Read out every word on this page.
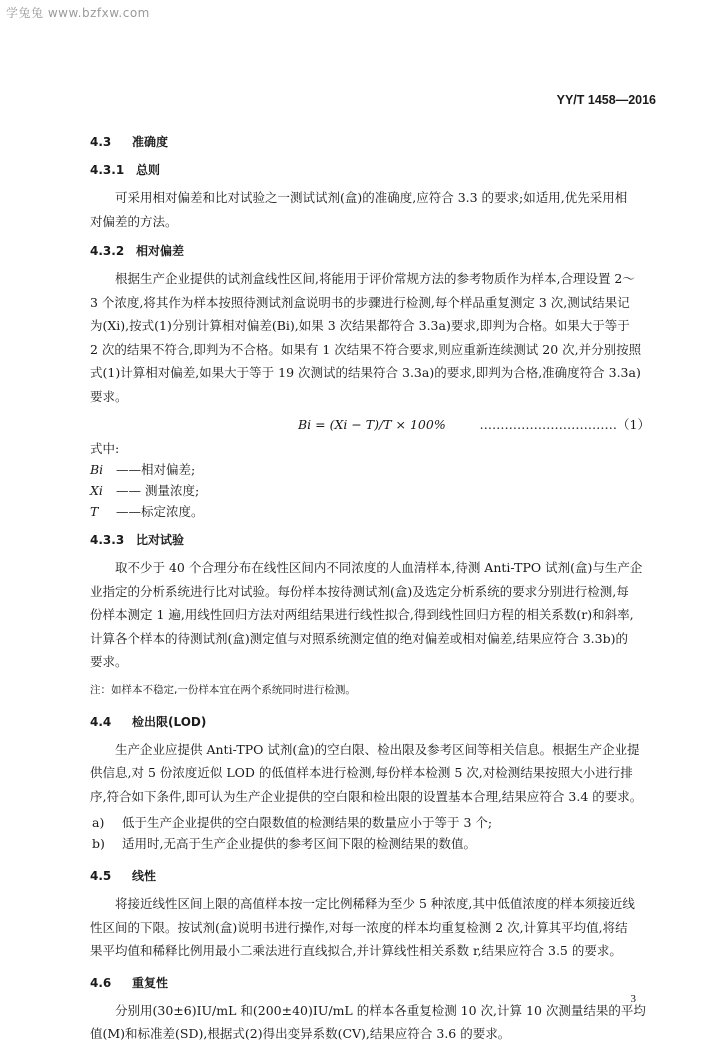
学兔兔 www.bzfxw.com
YY/T 1458—2016
4.3 准确度
4.3.1 总则
可采用相对偏差和比对试验之一测试试剂(盒)的准确度,应符合 3.3 的要求;如适用,优先采用相
对偏差的方法。
4.3.2 相对偏差
根据生产企业提供的试剂盒线性区间,将能用于评价常规方法的参考物质作为样本,合理设置 2～
3 个浓度,将其作为样本按照待测试剂盒说明书的步骤进行检测,每个样品重复测定 3 次,测试结果记
为(Xi),按式(1)分别计算相对偏差(Bi),如果 3 次结果都符合 3.3a)要求,即判为合格。如果大于等于
2 次的结果不符合,即判为不合格。如果有 1 次结果不符合要求,则应重新连续测试 20 次,并分别按照
式(1)计算相对偏差,如果大于等于 19 次测试的结果符合 3.3a)的要求,即判为合格,准确度符合 3.3a)
要求。
Bi = (Xi − T)/T × 100%	……………………………（1）
式中:
Bi ——相对偏差;
Xi —— 测量浓度;
T ——标定浓度。
4.3.3 比对试验
取不少于 40 个合理分布在线性区间内不同浓度的人血清样本,待测 Anti-TPO 试剂(盒)与生产企
业指定的分析系统进行比对试验。每份样本按待测试剂(盒)及选定分析系统的要求分别进行检测,每
份样本测定 1 遍,用线性回归方法对两组结果进行线性拟合,得到线性回归方程的相关系数(r)和斜率,
计算各个样本的待测试剂(盒)测定值与对照系统测定值的绝对偏差或相对偏差,结果应符合 3.3b)的
要求。
注：如样本不稳定,一份样本宜在两个系统同时进行检测。
4.4 检出限(LOD)
生产企业应提供 Anti-TPO 试剂(盒)的空白限、检出限及参考区间等相关信息。根据生产企业提
供信息,对 5 份浓度近似 LOD 的低值样本进行检测,每份样本检测 5 次,对检测结果按照大小进行排
序,符合如下条件,即可认为生产企业提供的空白限和检出限的设置基本合理,结果应符合 3.4 的要求。
a) 低于生产企业提供的空白限数值的检测结果的数量应小于等于 3 个;
b) 适用时,无高于生产企业提供的参考区间下限的检测结果的数值。
4.5 线性
将接近线性区间上限的高值样本按一定比例稀释为至少 5 种浓度,其中低值浓度的样本须接近线
性区间的下限。按试剂(盒)说明书进行操作,对每一浓度的样本均重复检测 2 次,计算其平均值,将结
果平均值和稀释比例用最小二乘法进行直线拟合,并计算线性相关系数 r,结果应符合 3.5 的要求。
4.6 重复性
分别用(30±6)IU/mL 和(200±40)IU/mL 的样本各重复检测 10 次,计算 10 次测量结果的平均
值(M)和标准差(SD),根据式(2)得出变异系数(CV),结果应符合 3.6 的要求。
3
